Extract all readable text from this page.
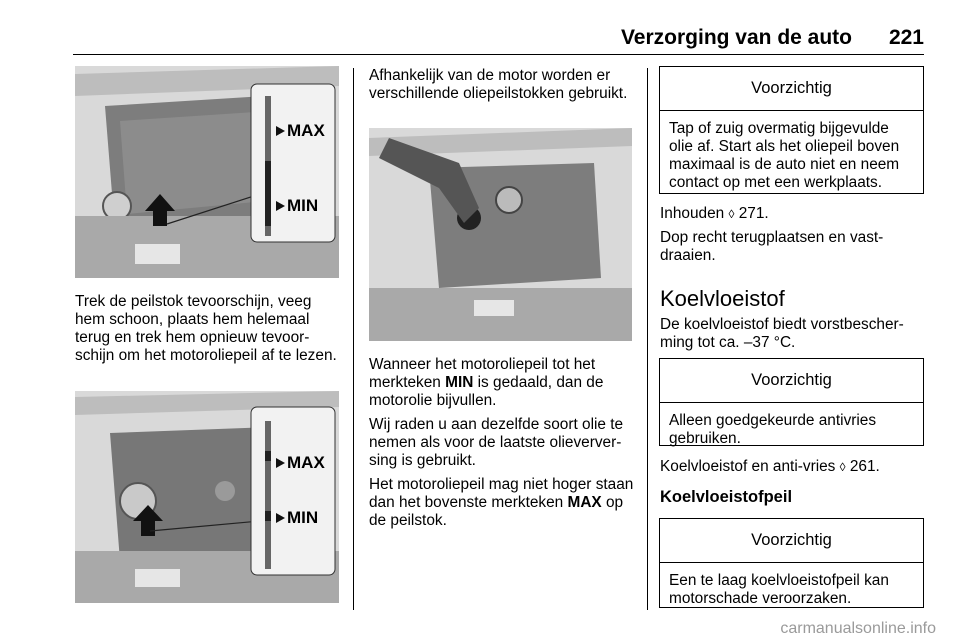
Verzorging van de auto 221
MAX
MIN

Trek de peilstok tevoorschijn, veeg hem schoon, plaats hem helemaal terug en trek hem opnieuw tevoor-schijn om het motoroliepeil af te lezen.

MAX
MIN

Afhankelijk van de motor worden er verschillende oliepeilstokken gebruikt.

Wanneer het motoroliepeil tot het merkteken MIN is gedaald, dan de motorolie bijvullen.

Wij raden u aan dezelfde soort olie te nemen als voor de laatste olieverver-sing is gebruikt.

Het motoroliepeil mag niet hoger staan dan het bovenste merkteken MAX op de peilstok.

Voorzichtig
Tap of zuig overmatig bijgevulde olie af. Start als het oliepeil boven maximaal is de auto niet en neem contact op met een werkplaats.

Inhouden ◊ 271.

Dop recht terugplaatsen en vast-draaien.

Koelvloeistof

De koelvloeistof biedt vorstbescher-ming tot ca. –37 °C.

Voorzichtig
Alleen goedgekeurde antivries gebruiken.

Koelvloeistof en anti-vries ◊ 261.

Koelvloeistofpeil
Voorzichtig
Een te laag koelvloeistofpeil kan motorschade veroorzaken.
carmanualsonline.info
